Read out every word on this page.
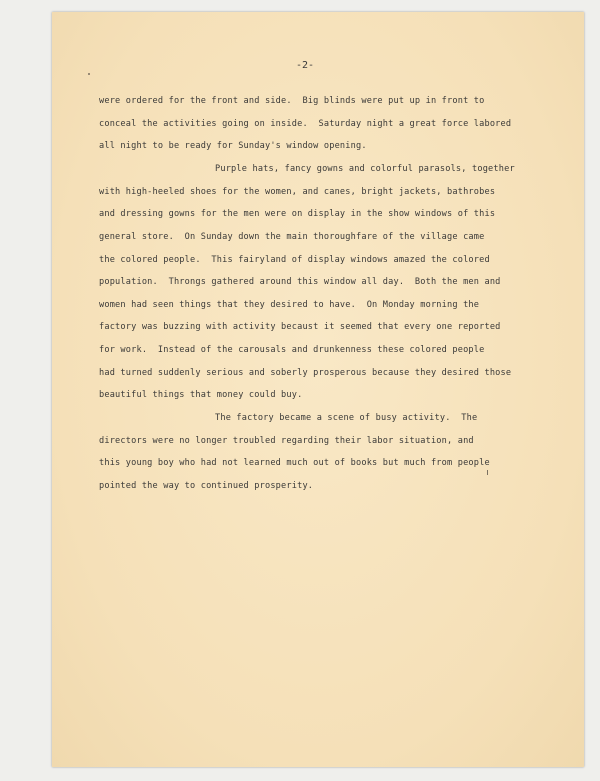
-2-
were ordered for the front and side.  Big blinds were put up in front to
conceal the activities going on inside.  Saturday night a great force labored
all night to be ready for Sunday's window opening.
Purple hats, fancy gowns and colorful parasols, together
with high-heeled shoes for the women, and canes, bright jackets, bathrobes
and dressing gowns for the men were on display in the show windows of this
general store.  On Sunday down the main thoroughfare of the village came
the colored people.  This fairyland of display windows amazed the colored
population.  Throngs gathered around this window all day.  Both the men and
women had seen things that they desired to have.  On Monday morning the
factory was buzzing with activity becaust it seemed that every one reported
for work.  Instead of the carousals and drunkenness these colored people
had turned suddenly serious and soberly prosperous because they desired those
beautiful things that money could buy.
The factory became a scene of busy activity.  The
directors were no longer troubled regarding their labor situation, and
this young boy who had not learned much out of books but much from people
pointed the way to continued prosperity.
